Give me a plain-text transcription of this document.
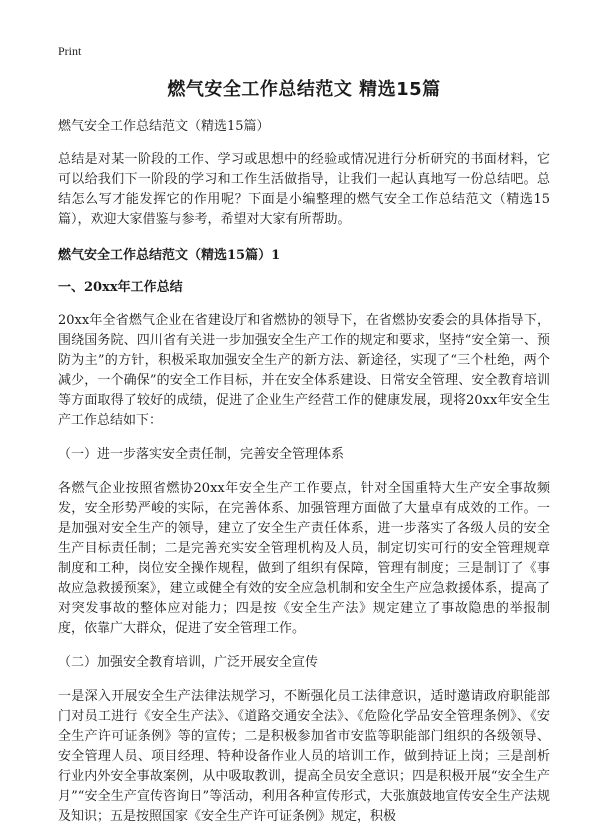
Print
燃气安全工作总结范文 精选15篇

燃气安全工作总结范文（精选15篇）

总结是对某一阶段的工作、学习或思想中的经验或情况进行分析研究的书面材料，它可以给我们下一阶段的学习和工作生活做指导，让我们一起认真地写一份总结吧。总结怎么写才能发挥它的作用呢？下面是小编整理的燃气安全工作总结范文（精选15篇），欢迎大家借鉴与参考，希望对大家有所帮助。

燃气安全工作总结范文（精选15篇）1

一、20xx年工作总结

20xx年全省燃气企业在省建设厅和省燃协的领导下，在省燃协安委会的具体指导下，围绕国务院、四川省有关进一步加强安全生产工作的规定和要求，坚持“安全第一、预防为主”的方针，积极采取加强安全生产的新方法、新途径，实现了“三个杜绝，两个减少，一个确保”的安全工作目标，并在安全体系建设、日常安全管理、安全教育培训等方面取得了较好的成绩，促进了企业生产经营工作的健康发展，现将20xx年安全生产工作总结如下：

（一）进一步落实安全责任制，完善安全管理体系

各燃气企业按照省燃协20xx年安全生产工作要点，针对全国重特大生产安全事故频发，安全形势严峻的实际，在完善体系、加强管理方面做了大量卓有成效的工作。一是加强对安全生产的领导，建立了安全生产责任体系，进一步落实了各级人员的安全生产目标责任制；二是完善充实安全管理机构及人员，制定切实可行的安全管理规章制度和工种，岗位安全操作规程，做到了组织有保障，管理有制度；三是制订了《事故应急救援预案》，建立或健全有效的安全应急机制和安全生产应急救援体系，提高了对突发事故的整体应对能力；四是按《安全生产法》规定建立了事故隐患的举报制度，依靠广大群众，促进了安全管理工作。

（二）加强安全教育培训，广泛开展安全宣传

一是深入开展安全生产法律法规学习，不断强化员工法律意识，适时邀请政府职能部门对员工进行《安全生产法》、《道路交通安全法》、《危险化学品安全管理条例》、《安全生产许可证条例》等的宣传；二是积极参加省市安监等职能部门组织的各级领导、安全管理人员、项目经理、特种设备作业人员的培训工作，做到持证上岗；三是剖析行业内外安全事故案例，从中吸取教训，提高全员安全意识；四是积极开展“安全生产月”“安全生产宣传咨询日”等活动，利用各种宣传形式，大张旗鼓地宣传安全生产法规及知识；五是按照国家《安全生产许可证条例》规定，积极
